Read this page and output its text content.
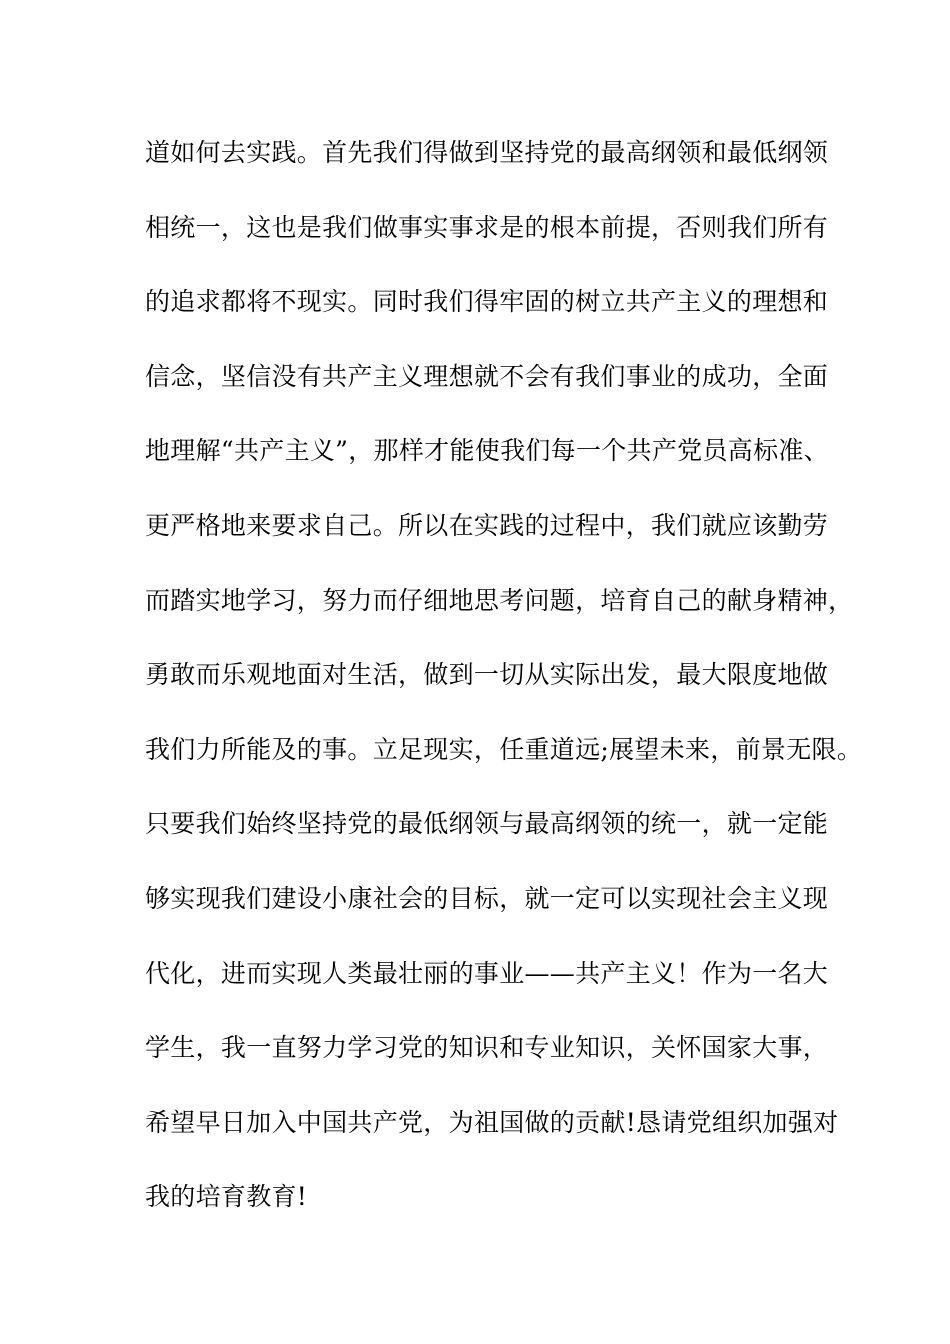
道如何去实践。首先我们得做到坚持党的最高纲领和最低纲领
相统一，这也是我们做事实事求是的根本前提，否则我们所有
的追求都将不现实。同时我们得牢固的树立共产主义的理想和
信念，坚信没有共产主义理想就不会有我们事业的成功，全面
地理解“共产主义”，那样才能使我们每一个共产党员高标准、
更严格地来要求自己。所以在实践的过程中，我们就应该勤劳
而踏实地学习，努力而仔细地思考问题，培育自己的献身精神，
勇敢而乐观地面对生活，做到一切从实际出发，最大限度地做
我们力所能及的事。立足现实，任重道远;展望未来，前景无限。
只要我们始终坚持党的最低纲领与最高纲领的统一，就一定能
够实现我们建设小康社会的目标，就一定可以实现社会主义现
代化，进而实现人类最壮丽的事业——共产主义！作为一名大
学生，我一直努力学习党的知识和专业知识，关怀国家大事，
希望早日加入中国共产党，为祖国做的贡献!恳请党组织加强对
我的培育教育!
